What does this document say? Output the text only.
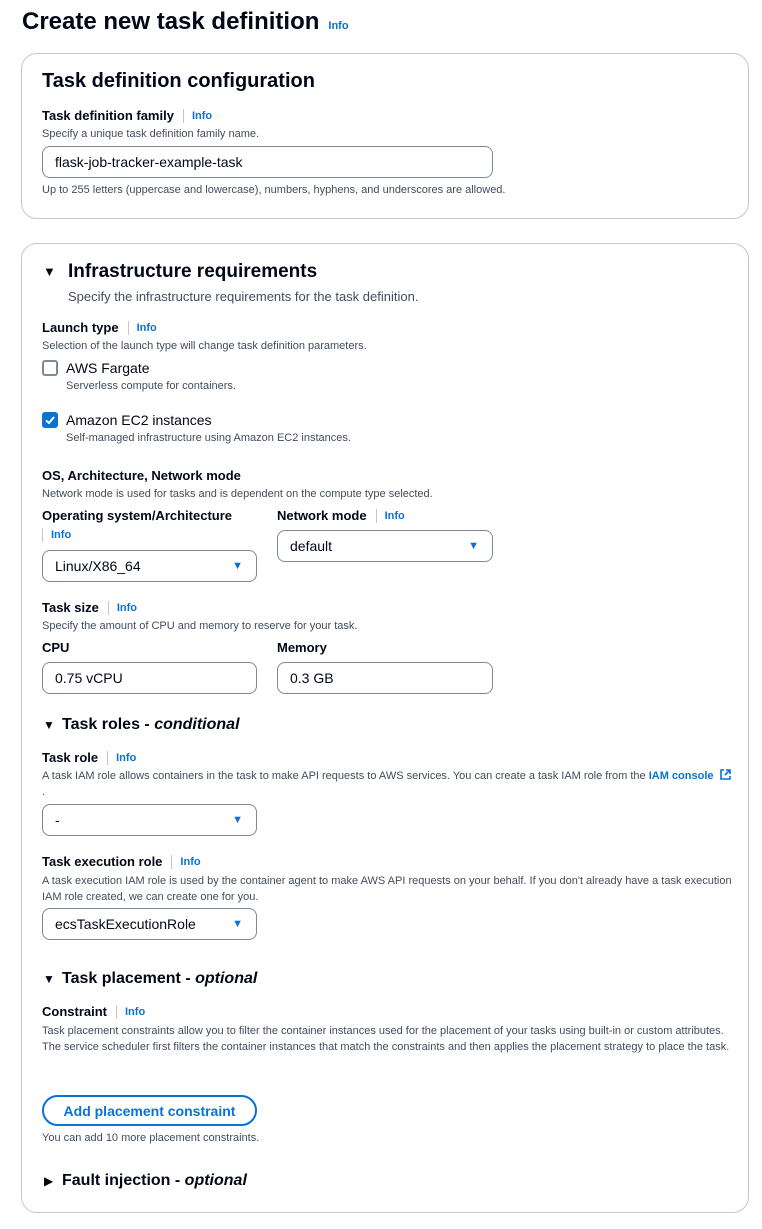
Create new task definition Info
Task definition configuration
Task definition family Info
Specify a unique task definition family name.
flask-job-tracker-example-task
Up to 255 letters (uppercase and lowercase), numbers, hyphens, and underscores are allowed.
▼ Infrastructure requirements
Specify the infrastructure requirements for the task definition.
Launch type Info
Selection of the launch type will change task definition parameters.
AWS Fargate
Serverless compute for containers.
Amazon EC2 instances
Self-managed infrastructure using Amazon EC2 instances.
OS, Architecture, Network mode
Network mode is used for tasks and is dependent on the compute type selected.
Operating system/Architecture
Info
Linux/X86_64	▼
Network mode Info
default	▼
Task size Info
Specify the amount of CPU and memory to reserve for your task.
CPU
0.75 vCPU
Memory
0.3 GB
▼ Task roles - conditional
Task role Info
A task IAM role allows containers in the task to make API requests to AWS services. You can create a task IAM role from the IAM console .
-	▼
Task execution role Info
A task execution IAM role is used by the container agent to make AWS API requests on your behalf. If you don't already have a task execution IAM role created, we can create one for you.
ecsTaskExecutionRole	▼
▼ Task placement - optional
Constraint Info
Task placement constraints allow you to filter the container instances used for the placement of your tasks using built-in or custom attributes. The service scheduler first filters the container instances that match the constraints and then applies the placement strategy to place the task.
Add placement constraint
You can add 10 more placement constraints.
▶ Fault injection - optional
